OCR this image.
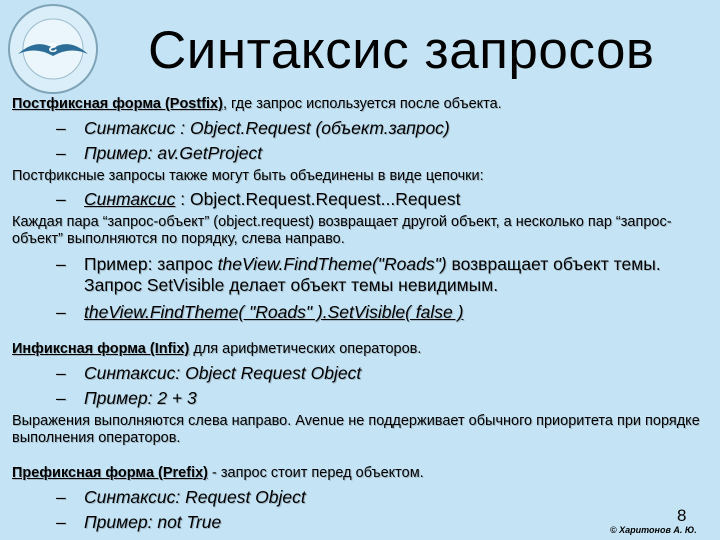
Ƨ Синтаксис запросов
Постфиксная форма (Postfix), где запрос используется после объекта.
– Синтаксис : Object.Request (объект.запрос)
– Пример: av.GetProject
Постфиксные запросы также могут быть объединены в виде цепочки:
– Синтаксис : Object.Request.Request...Request
Каждая пара “запрос-объект” (object.request) возвращает другой объект, а несколько пар “запрос-объект” выполняются по порядку, слева направо.
– Пример: запрос theView.FindTheme("Roads") возвращает объект темы. Запрос SetVisible делает объект темы невидимым.
– theView.FindTheme( "Roads" ).SetVisible( false )
Инфиксная форма (Infix) для арифметических операторов.
– Синтаксис: Object Request Object
– Пример: 2 + 3
Выражения выполняются слева направо. Avenue не поддерживает обычного приоритета при порядке выполнения операторов.
Префиксная форма (Prefix) - запрос стоит перед объектом.
– Синтаксис: Request Object
– Пример: not True	8
© Харитонов А. Ю.
